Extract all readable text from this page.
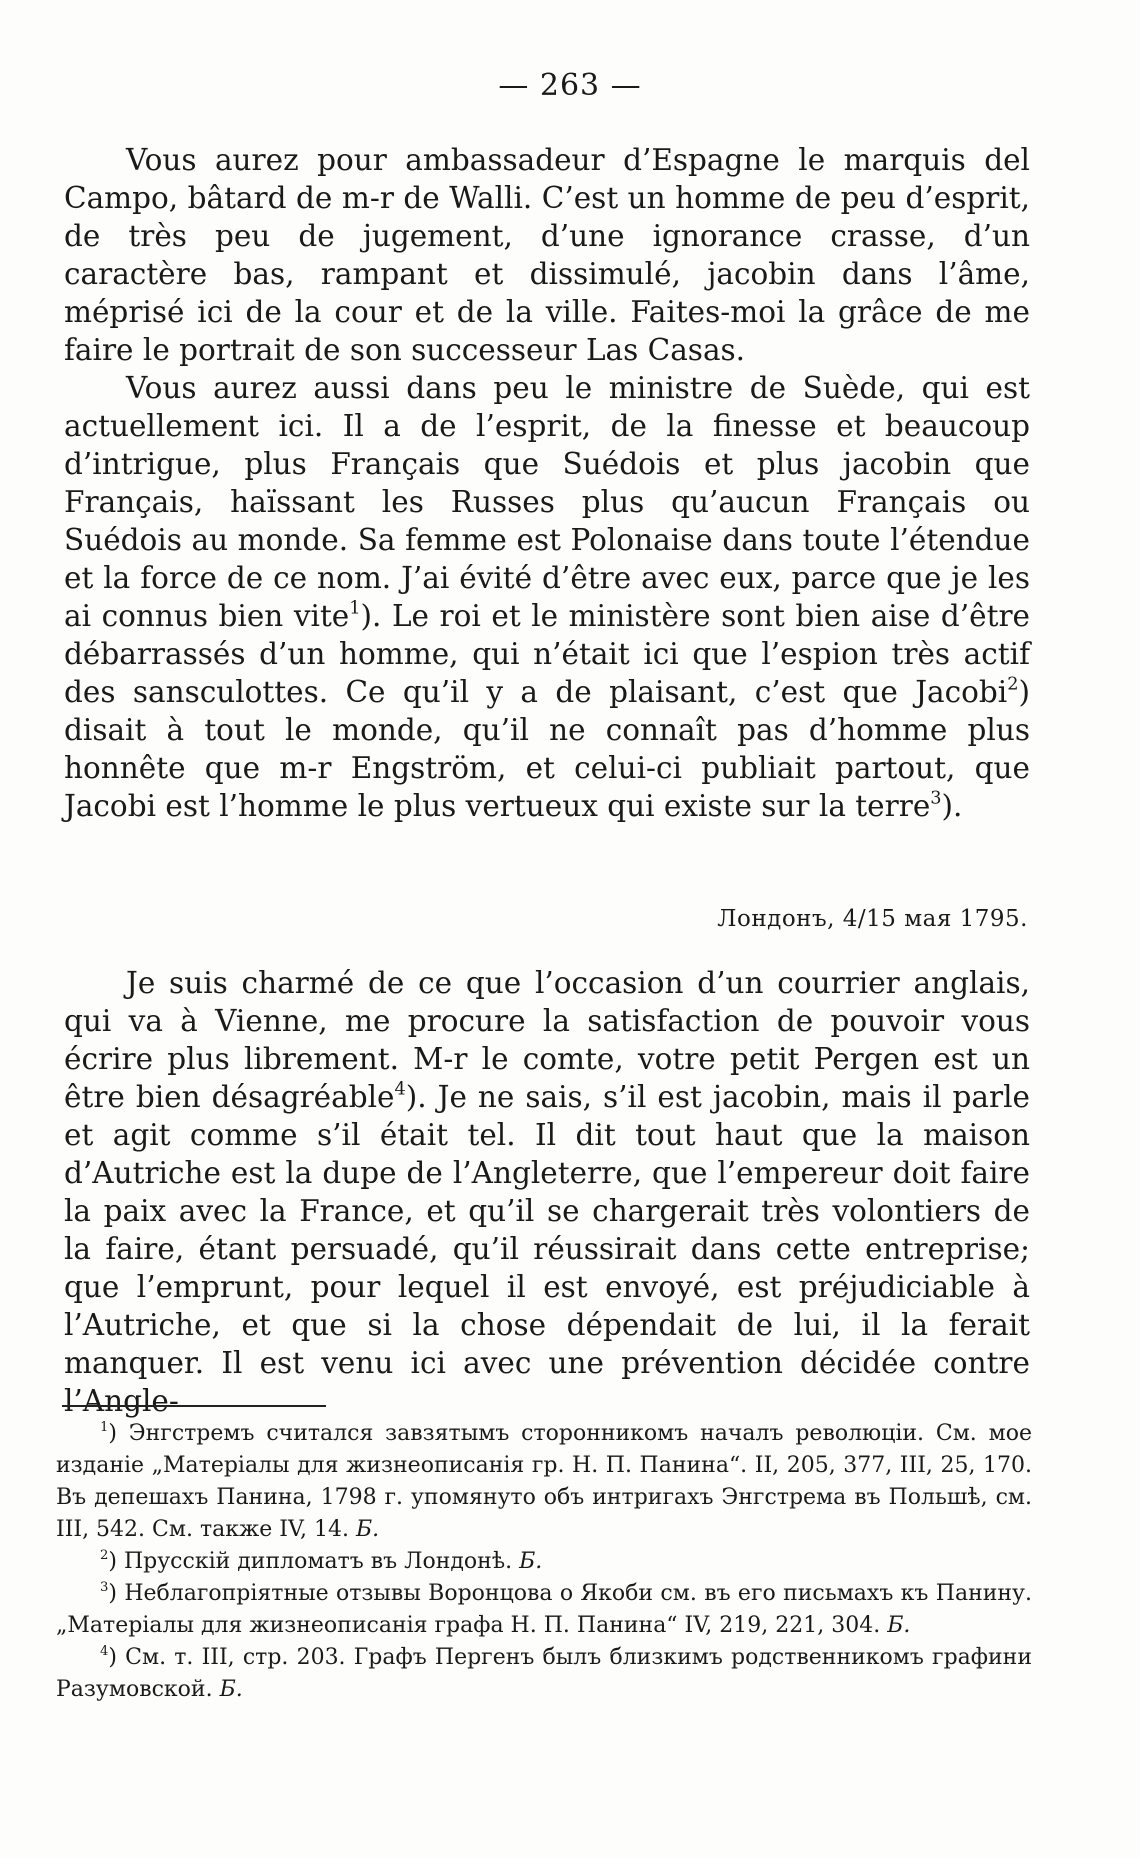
— 263 —

Vous aurez pour ambassadeur d’Espagne le marquis del Campo, bâtard de m-r de Walli. C’est un homme de peu d’esprit, de très peu de jugement, d’une ignorance crasse, d’un caractère bas, rampant et dissimulé, jacobin dans l’âme, méprisé ici de la cour et de la ville. Faites-moi la grâce de me faire le portrait de son successeur Las Casas.

Vous aurez aussi dans peu le ministre de Suède, qui est actuellement ici. Il a de l’esprit, de la finesse et beaucoup d’intrigue, plus Français que Suédois et plus jacobin que Français, haïssant les Russes plus qu’aucun Français ou Suédois au monde. Sa femme est Polonaise dans toute l’étendue et la force de ce nom. J’ai évité d’être avec eux, parce que je les ai connus bien vite$^1$). Le roi et le ministère sont bien aise d’être débarrassés d’un homme, qui n’était ici que l’espion très actif des sansculottes. Ce qu’il y a de plaisant, c’est que Jacobi$^2$) disait à tout le monde, qu’il ne connaît pas d’homme plus honnête que m-r Engström, et celui-ci publiait partout, que Jacobi est l’homme le plus vertueux qui existe sur la terre$^3$).

Лондонъ, 4/15 мая 1795.

Je suis charmé de ce que l’occasion d’un courrier anglais, qui va à Vienne, me procure la satisfaction de pouvoir vous écrire plus librement. M-r le comte, votre petit Pergen est un être bien désagréable$^4$). Je ne sais, s’il est jacobin, mais il parle et agit comme s’il était tel. Il dit tout haut que la maison d’Autriche est la dupe de l’Angleterre, que l’empereur doit faire la paix avec la France, et qu’il se chargerait très volontiers de la faire, étant persuadé, qu’il réussirait dans cette entreprise; que l’emprunt, pour lequel il est envoyé, est préjudiciable à l’Autriche, et que si la chose dépendait de lui, il la ferait manquer. Il est venu ici avec une prévention décidée contre l’Angle-

$^1$) Энгстремъ считался завзятымъ сторонникомъ началъ революціи. См. мое изданіе „Матеріалы для жизнеописанія гр. Н. П. Панина“. II, 205, 377, III, 25, 170. Въ депешахъ Панина, 1798 г. упомянуто объ интригахъ Энгстрема въ Польшѣ, см. III, 542. См. также IV, 14. Б.

$^2$) Прусскій дипломатъ въ Лондонѣ. Б.

$^3$) Неблагопріятные отзывы Воронцова о Якоби см. въ его письмахъ къ Панину. „Матеріалы для жизнеописанія графа Н. П. Панина“ IV, 219, 221, 304. Б.

$^4$) См. т. III, стр. 203. Графъ Пергенъ былъ близкимъ родственникомъ графини Разумовской. Б.
